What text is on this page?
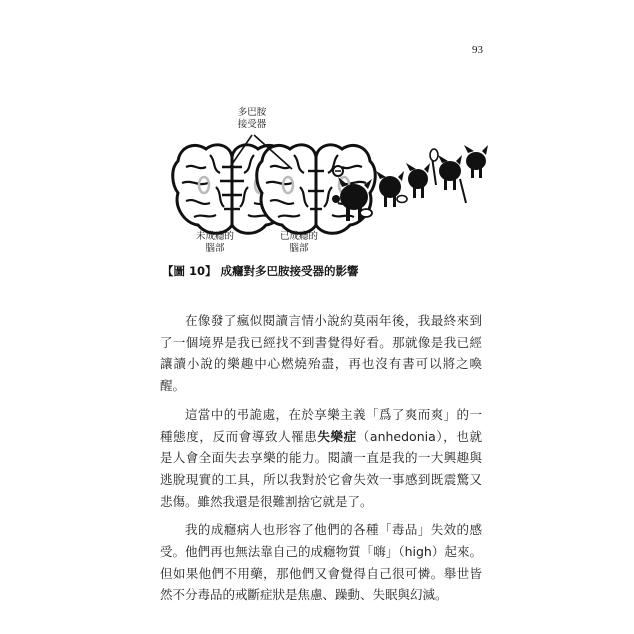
93
多巴胺
接受器
未成癮的
腦部
已成癮的
腦部
【圖 10】 成癮對多巴胺接受器的影響

在像發了瘋似閱讀言情小說約莫兩年後，我最終來到了一個境界是我已經找不到書覺得好看。那就像是我已經讓讀小說的樂趣中心燃燒殆盡，再也沒有書可以將之喚醒。

這當中的弔詭處，在於享樂主義「爲了爽而爽」的一種態度，反而會導致人罹患失樂症（anhedonia），也就是人會全面失去享樂的能力。閱讀一直是我的一大興趣與逃脫現實的工具，所以我對於它會失效一事感到既震驚又悲傷。雖然我還是很難割捨它就是了。

我的成癮病人也形容了他們的各種「毒品」失效的感受。他們再也無法靠自己的成癮物質「嗨」（high）起來。但如果他們不用藥，那他們又會覺得自己很可憐。舉世皆然不分毒品的戒斷症狀是焦慮、躁動、失眠與幻滅。
